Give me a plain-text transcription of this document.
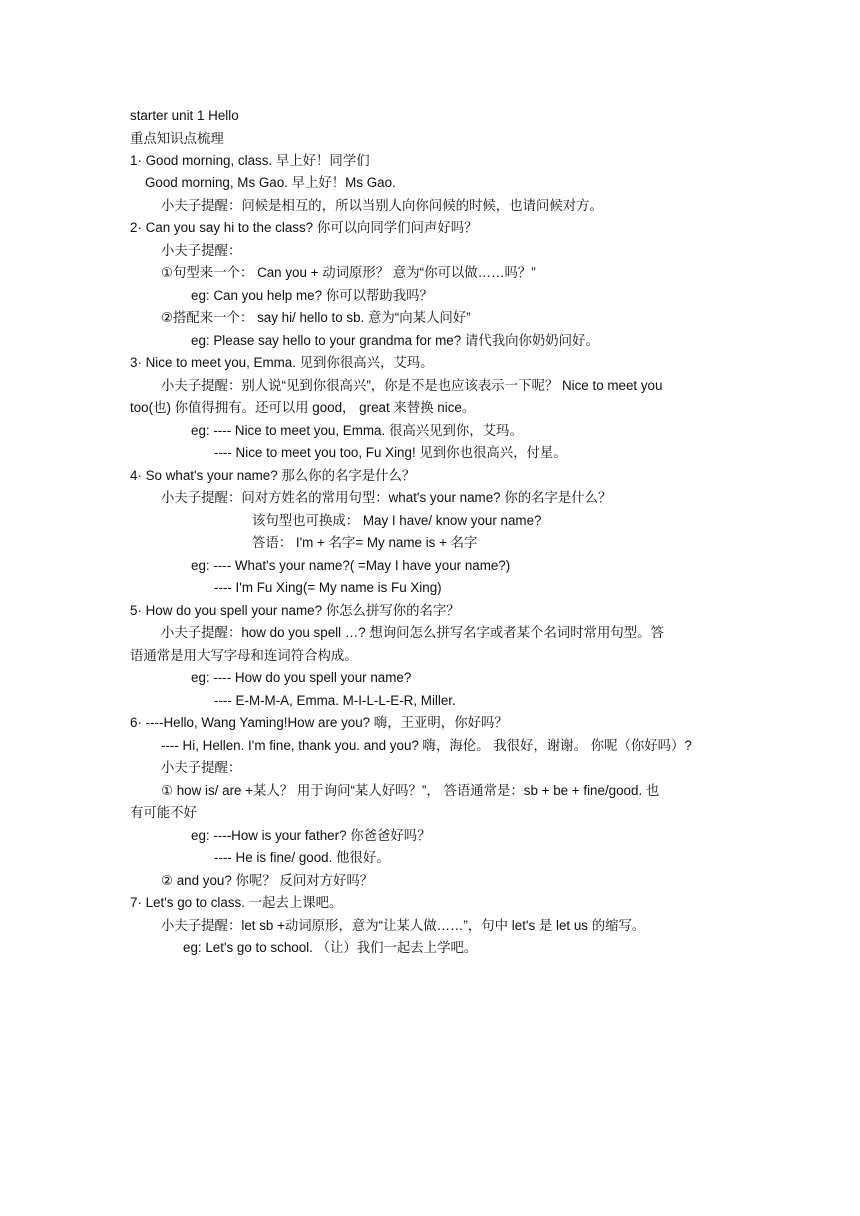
starter unit 1 Hello
重点知识点梳理
1· Good morning, class. 早上好！同学们
Good morning, Ms Gao. 早上好！Ms Gao.
小夫子提醒：问候是相互的，所以当别人向你问候的时候，也请问候对方。
2· Can you say hi to the class? 你可以向同学们问声好吗？
小夫子提醒：
①句型来一个： Can you + 动词原形？ 意为“你可以做……吗？”
eg: Can you help me? 你可以帮助我吗？
②搭配来一个： say hi/ hello to sb. 意为“向某人问好”
eg: Please say hello to your grandma for me? 请代我向你奶奶问好。
3· Nice to meet you, Emma. 见到你很高兴，艾玛。
小夫子提醒：别人说“见到你很高兴”，你是不是也应该表示一下呢？ Nice to meet you
too(也) 你值得拥有。还可以用 good， great 来替换 nice。
eg: ---- Nice to meet you, Emma. 很高兴见到你，艾玛。
---- Nice to meet you too, Fu Xing! 见到你也很高兴，付星。
4· So what's your name? 那么你的名字是什么？
小夫子提醒：问对方姓名的常用句型：what's your name? 你的名字是什么？
该句型也可换成： May I have/ know your name?
答语： I'm + 名字= My name is + 名字
eg: ---- What's your name?( =May I have your name?)
---- I'm Fu Xing(= My name is Fu Xing)
5· How do you spell your name? 你怎么拼写你的名字？
小夫子提醒：how do you spell …? 想询问怎么拼写名字或者某个名词时常用句型。答
语通常是用大写字母和连词符合构成。
eg: ---- How do you spell your name?
---- E-M-M-A, Emma. M-I-L-L-E-R, Miller.
6· ----Hello, Wang Yaming!How are you? 嗨，王亚明，你好吗？
---- Hi, Hellen. I'm fine, thank you. and you? 嗨，海伦。 我很好，谢谢。 你呢（你好吗）?
小夫子提醒：
① how is/ are +某人？ 用于询问“某人好吗？”， 答语通常是：sb + be + fine/good. 也
有可能不好
eg: ----How is your father? 你爸爸好吗？
---- He is fine/ good. 他很好。
② and you? 你呢？ 反问对方好吗？
7· Let's go to class. 一起去上课吧。
小夫子提醒：let sb +动词原形，意为“让某人做……”，句中 let's 是 let us 的缩写。
eg: Let's go to school. （让）我们一起去上学吧。
